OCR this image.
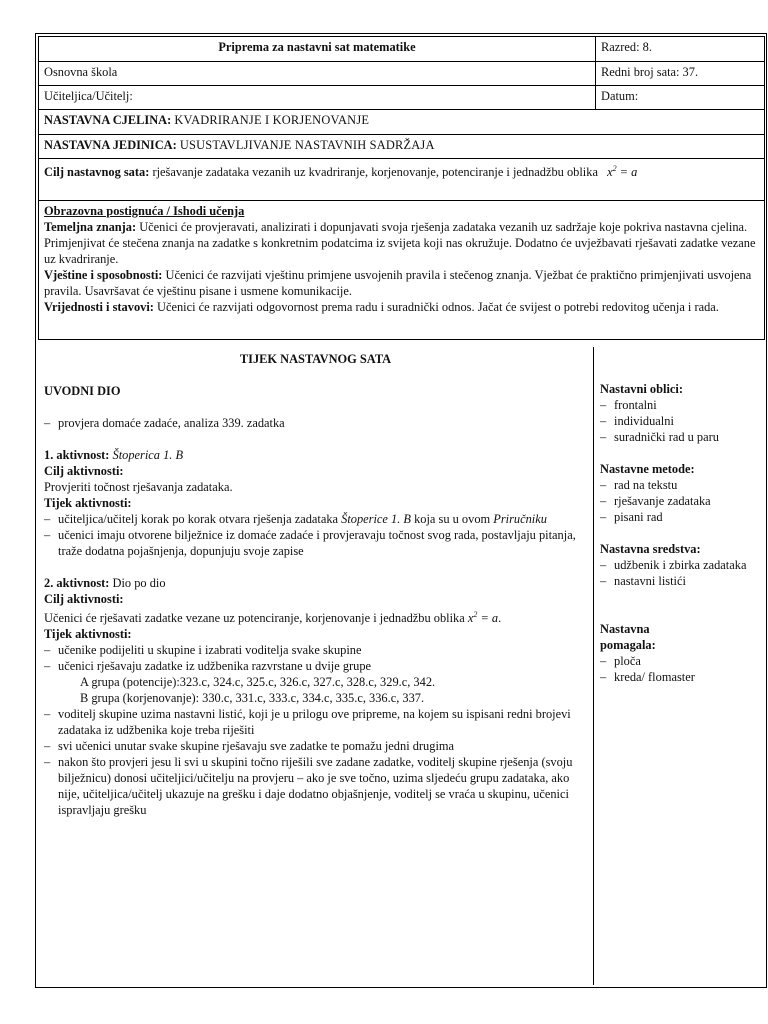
Priprema za nastavni sat matematike	Razred: 8.
Osnovna škola	Redni broj sata: 37.
Učiteljica/Učitelj:	Datum:
NASTAVNA CJELINA: KVADRIRANJE I KORJENOVANJE	
NASTAVNA JEDINICA: USUSTAVLJIVANJE NASTAVNIH SADRŽAJA	
Cilj nastavnog sata: rješavanje zadataka vezanih uz kvadriranje, korjenovanje, potenciranje i jednadžbu oblika $x^2 = a$	

Obrazovna postignuća / Ishodi učenja
Temeljna znanja: Učenici će provjeravati, analizirati i dopunjavati svoja rješenja zadataka vezanih uz sadržaje koje pokriva nastavna cjelina. Primjenjivat će stečena znanja na zadatke s konkretnim podatcima iz svijeta koji nas okružuje. Dodatno će uvježbavati rješavati zadatke vezane uz kvadriranje.
Vještine i sposobnosti: Učenici će razvijati vještinu primjene usvojenih pravila i stečenog znanja. Vježbat će praktično primjenjivati usvojena pravila. Usavršavat će vještinu pisane i usmene komunikacije.
Vrijednosti i stavovi: Učenici će razvijati odgovornost prema radu i suradnički odnos. Jačat će svijest o potrebi redovitog učenja i rada.	
TIJEK NASTAVNOG SATA
UVODNI DIO
– provjera domaće zadaće, analiza 339. zadatka
1. aktivnost: Štoperica 1. B
Cilj aktivnosti:
Provjeriti točnost rješavanja zadataka.
Tijek aktivnosti:
– učiteljica/učitelj korak po korak otvara rješenja zadataka Štoperice 1. B koja su u ovom Priručniku
– učenici imaju otvorene bilježnice iz domaće zadaće i provjeravaju točnost svog rada, postavljaju pitanja, traže dodatna pojašnjenja, dopunjuju svoje zapise
2. aktivnost: Dio po dio
Cilj aktivnosti:
Učenici će rješavati zadatke vezane uz potenciranje, korjenovanje i jednadžbu oblika $x^2 = a$.
Tijek aktivnosti:
– učenike podijeliti u skupine i izabrati voditelja svake skupine
– učenici rješavaju zadatke iz udžbenika razvrstane u dvije grupe
A grupa (potencije):323.c, 324.c, 325.c, 326.c, 327.c, 328.c, 329.c, 342.
B grupa (korjenovanje): 330.c, 331.c, 333.c, 334.c, 335.c, 336.c, 337.
– voditelj skupine uzima nastavni listić, koji je u prilogu ove pripreme, na kojem su ispisani redni brojevi zadataka iz udžbenika koje treba riješiti
– svi učenici unutar svake skupine rješavaju sve zadatke te pomažu jedni drugima
– nakon što provjeri jesu li svi u skupini točno riješili sve zadane zadatke, voditelj skupine rješenja (svoju bilježnicu) donosi učiteljici/učitelju na provjeru – ako je sve točno, uzima sljedeću grupu zadataka, ako nije, učiteljica/učitelj ukazuje na grešku i daje dodatno objašnjenje, voditelj se vraća u skupinu, učenici ispravljaju grešku
Nastavni oblici:
– frontalni
– individualni
– suradnički rad u paru
Nastavne metode:
– rad na tekstu
– rješavanje zadataka
– pisani rad
Nastavna sredstva:
– udžbenik i zbirka zadataka
– nastavni listići
Nastavna pomagala:
– ploča
– kreda/ flomaster
